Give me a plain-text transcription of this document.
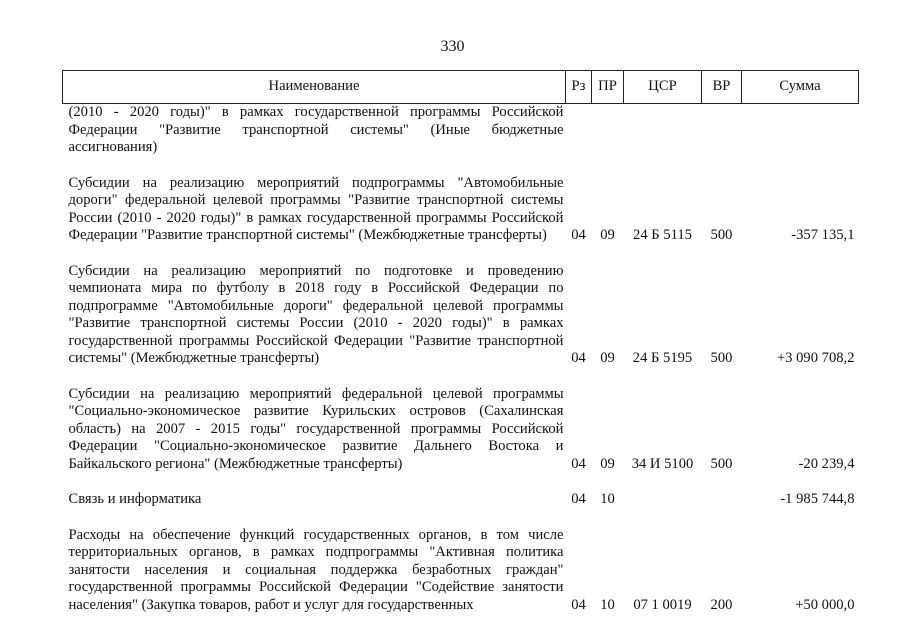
330
Наименование	Рз	ПР	ЦСР	ВР	Сумма
(2010 - 2020 годы)" в рамках государственной программы Российской Федерации "Развитие транспортной системы" (Иные бюджетные ассигнования)					

Субсидии на реализацию мероприятий подпрограммы "Автомобильные дороги" федеральной целевой программы "Развитие транспортной системы России (2010 - 2020 годы)" в рамках государственной программы Российской Федерации "Развитие транспортной системы" (Межбюджетные трансферты)	04	09	24 Б 5115	500	-357 135,1

Субсидии на реализацию мероприятий по подготовке и проведению чемпионата мира по футболу в 2018 году в Российской Федерации по подпрограмме "Автомобильные дороги" федеральной целевой программы "Развитие транспортной системы России (2010 - 2020 годы)" в рамках государственной программы Российской Федерации "Развитие транспортной системы" (Межбюджетные трансферты)	04	09	24 Б 5195	500	+3 090 708,2

Субсидии на реализацию мероприятий федеральной целевой программы "Социально-экономическое развитие Курильских островов (Сахалинская область) на 2007 - 2015 годы" государственной программы Российской Федерации "Социально-экономическое развитие Дальнего Востока и Байкальского региона" (Межбюджетные трансферты)	04	09	34 И 5100	500	-20 239,4

Связь и информатика	04	10			-1 985 744,8

Расходы на обеспечение функций государственных органов, в том числе территориальных органов, в рамках подпрограммы "Активная политика занятости населения и социальная поддержка безработных граждан" государственной программы Российской Федерации "Содействие занятости населения" (Закупка товаров, работ и услуг для государственных	04	10	07 1 0019	200	+50 000,0
